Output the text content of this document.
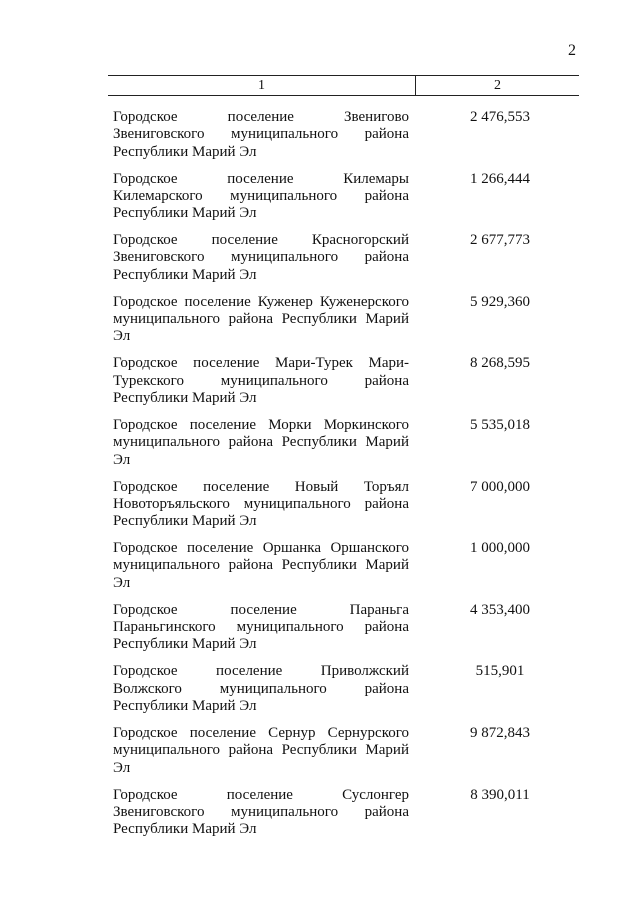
2
1	2
Городское поселение Звенигово Звениговского муниципального района Республики Марий Эл
2 476,553
Городское поселение Килемары Килемарского муниципального района Республики Марий Эл
1 266,444
Городское поселение Красногорский Звениговского муниципального района Республики Марий Эл
2 677,773
Городское поселение Куженер Куженерского муниципального района Республики Марий Эл
5 929,360
Городское поселение Мари-Турек Мари-Турекского муниципального района Республики Марий Эл
8 268,595
Городское поселение Морки Моркинского муниципального района Республики Марий Эл
5 535,018
Городское поселение Новый Торъял Новоторъяльского муниципального района Республики Марий Эл
7 000,000
Городское поселение Оршанка Оршанского муниципального района Республики Марий Эл
1 000,000
Городское поселение Параньга Параньгинского муниципального района Республики Марий Эл
4 353,400
Городское поселение Приволжский Волжского муниципального района Республики Марий Эл
515,901
Городское поселение Сернур Сернурского муниципального района Республики Марий Эл
9 872,843
Городское поселение Суслонгер Звениговского муниципального района Республики Марий Эл
8 390,011
